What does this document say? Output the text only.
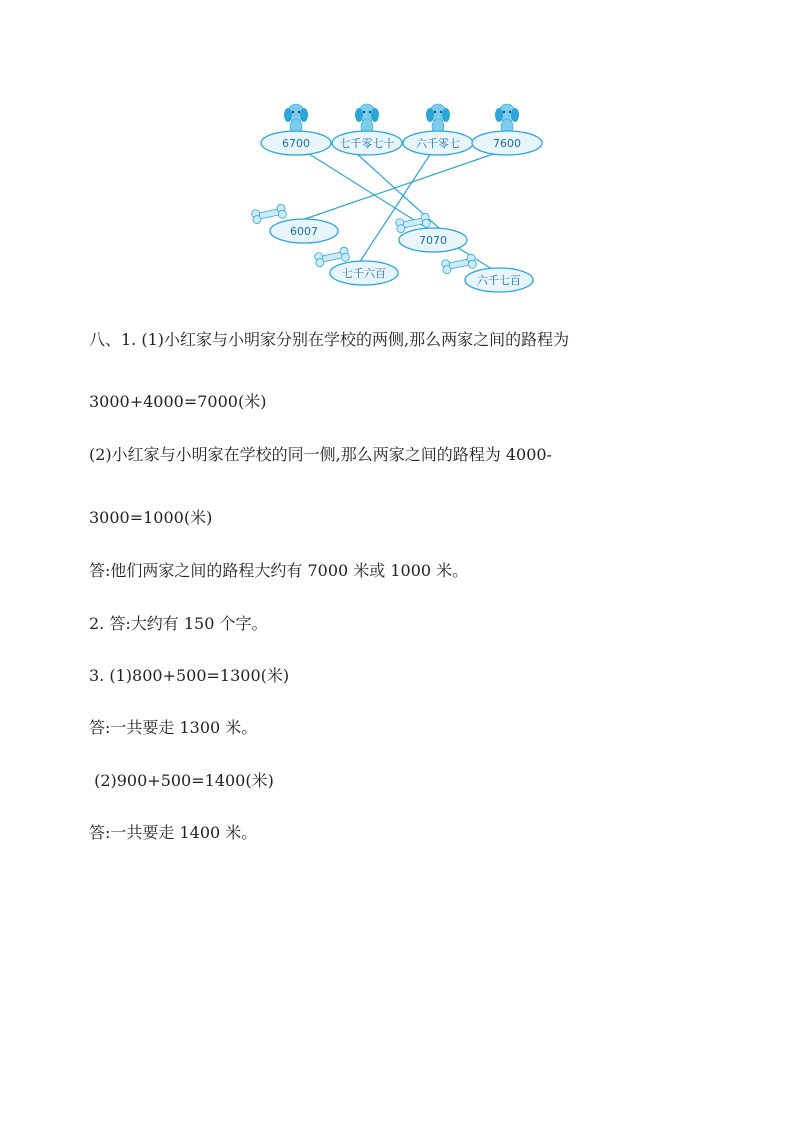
6700	七千零七十 六千零七	7600
6007
7070
七千六百
六千七百
八、1. (1)小红家与小明家分别在学校的两侧,那么两家之间的路程为
3000+4000=7000(米)
(2)小红家与小明家在学校的同一侧,那么两家之间的路程为 4000-
3000=1000(米)
答:他们两家之间的路程大约有 7000 米或 1000 米。
2. 答:大约有 150 个字。
3. (1)800+500=1300(米)
答:一共要走 1300 米。
(2)900+500=1400(米)
答:一共要走 1400 米。
